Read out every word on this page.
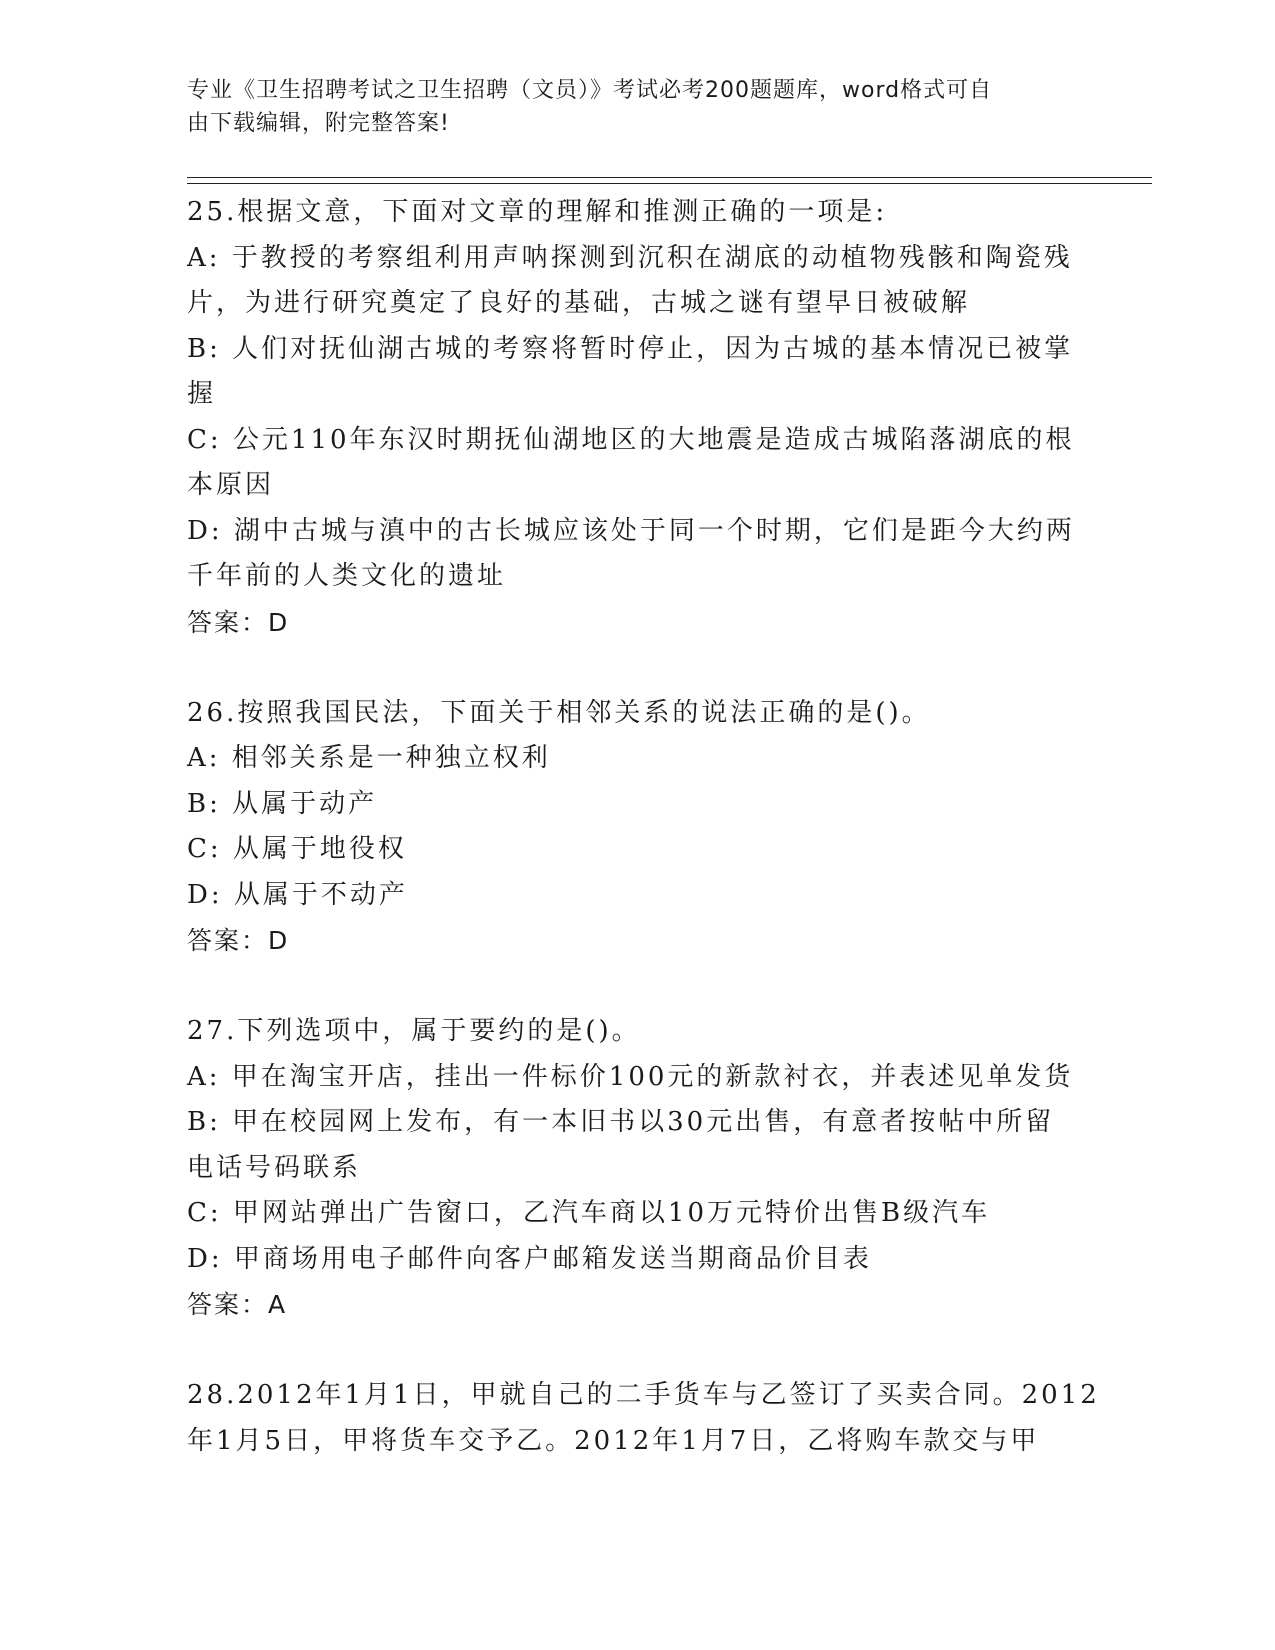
专业《卫生招聘考试之卫生招聘（文员）》考试必考200题题库，word格式可自
由下载编辑，附完整答案!
25.根据文意，下面对文章的理解和推测正确的一项是:
A: 于教授的考察组利用声呐探测到沉积在湖底的动植物残骸和陶瓷残
片，为进行研究奠定了良好的基础，古城之谜有望早日被破解
B: 人们对抚仙湖古城的考察将暂时停止，因为古城的基本情况已被掌
握
C: 公元110年东汉时期抚仙湖地区的大地震是造成古城陷落湖底的根
本原因
D: 湖中古城与滇中的古长城应该处于同一个时期，它们是距今大约两
千年前的人类文化的遗址
答案：D
26.按照我国民法，下面关于相邻关系的说法正确的是()。
A: 相邻关系是一种独立权利
B: 从属于动产
C: 从属于地役权
D: 从属于不动产
答案：D
27.下列选项中，属于要约的是()。
A: 甲在淘宝开店，挂出一件标价100元的新款衬衣，并表述见单发货
B: 甲在校园网上发布，有一本旧书以30元出售，有意者按帖中所留
电话号码联系
C: 甲网站弹出广告窗口，乙汽车商以10万元特价出售B级汽车
D: 甲商场用电子邮件向客户邮箱发送当期商品价目表
答案：A
28.2012年1月1日，甲就自己的二手货车与乙签订了买卖合同。2012
年1月5日，甲将货车交予乙。2012年1月7日，乙将购车款交与甲
